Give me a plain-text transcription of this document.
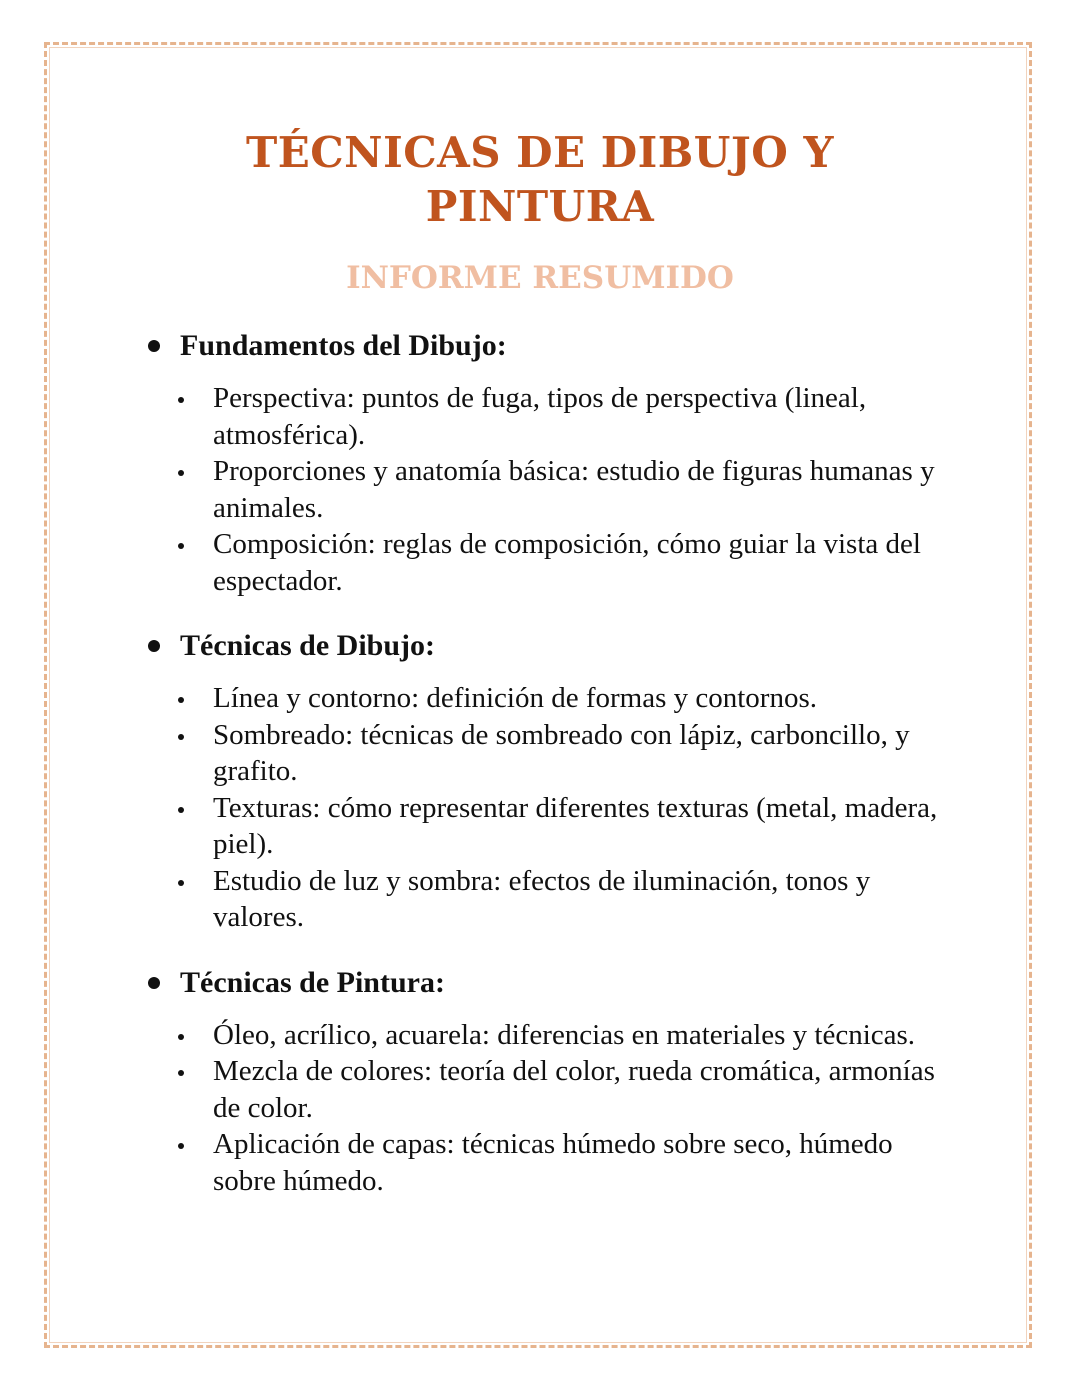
TÉCNICAS DE DIBUJO Y
PINTURA
INFORME RESUMIDO
Fundamentos del Dibujo:
Perspectiva: puntos de fuga, tipos de perspectiva (lineal, atmosférica).
Proporciones y anatomía básica: estudio de figuras humanas y animales.
Composición: reglas de composición, cómo guiar la vista del espectador.
Técnicas de Dibujo:
Línea y contorno: definición de formas y contornos.
Sombreado: técnicas de sombreado con lápiz, carboncillo, y grafito.
Texturas: cómo representar diferentes texturas (metal, madera, piel).
Estudio de luz y sombra: efectos de iluminación, tonos y valores.
Técnicas de Pintura:
Óleo, acrílico, acuarela: diferencias en materiales y técnicas.
Mezcla de colores: teoría del color, rueda cromática, armonías de color.
Aplicación de capas: técnicas húmedo sobre seco, húmedo sobre húmedo.
